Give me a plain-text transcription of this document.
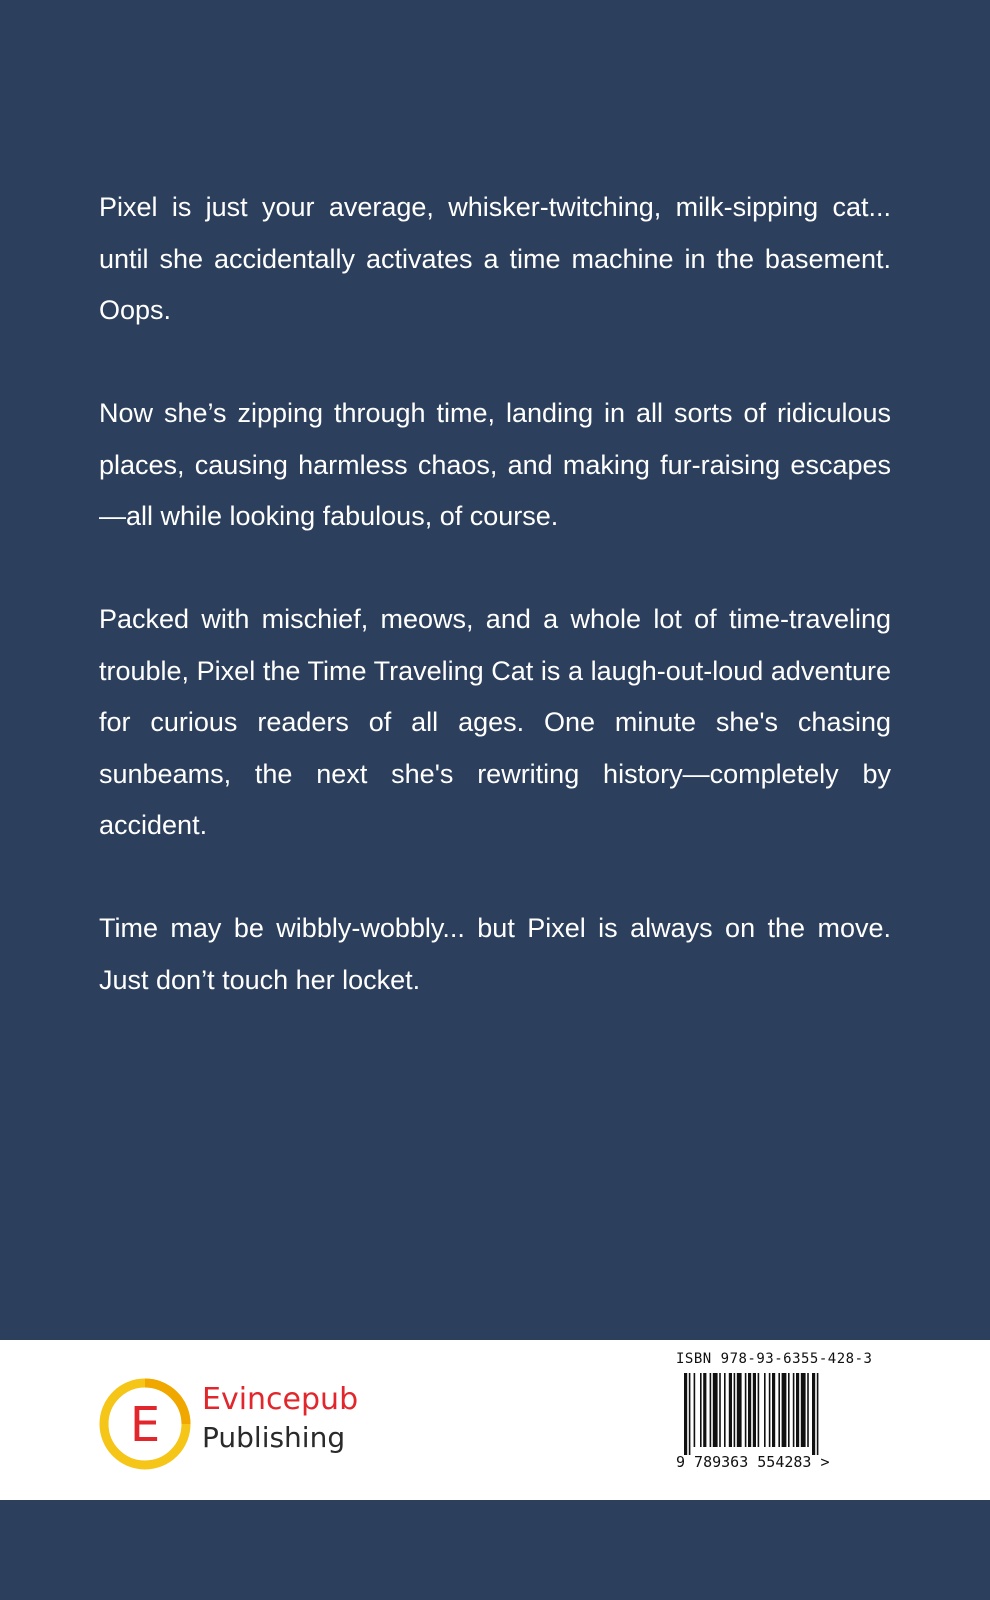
Pixel is just your average, whisker-twitching, milk-sipping cat... until she accidentally activates a time machine in the basement. Oops.

Now she’s zipping through time, landing in all sorts of ridiculous places, causing harmless chaos, and making fur-raising escapes—all while looking fabulous, of course.

Packed with mischief, meows, and a whole lot of time-traveling trouble, Pixel the Time Traveling Cat is a laugh-out-loud adventure for curious readers of all ages. One minute she's chasing sunbeams, the next she's rewriting history—completely by accident.

Time may be wibbly-wobbly... but Pixel is always on the move. Just don’t touch her locket.

E Evincepub
Publishing
ISBN 978-93-6355-428-3
9 789363 554283 >
